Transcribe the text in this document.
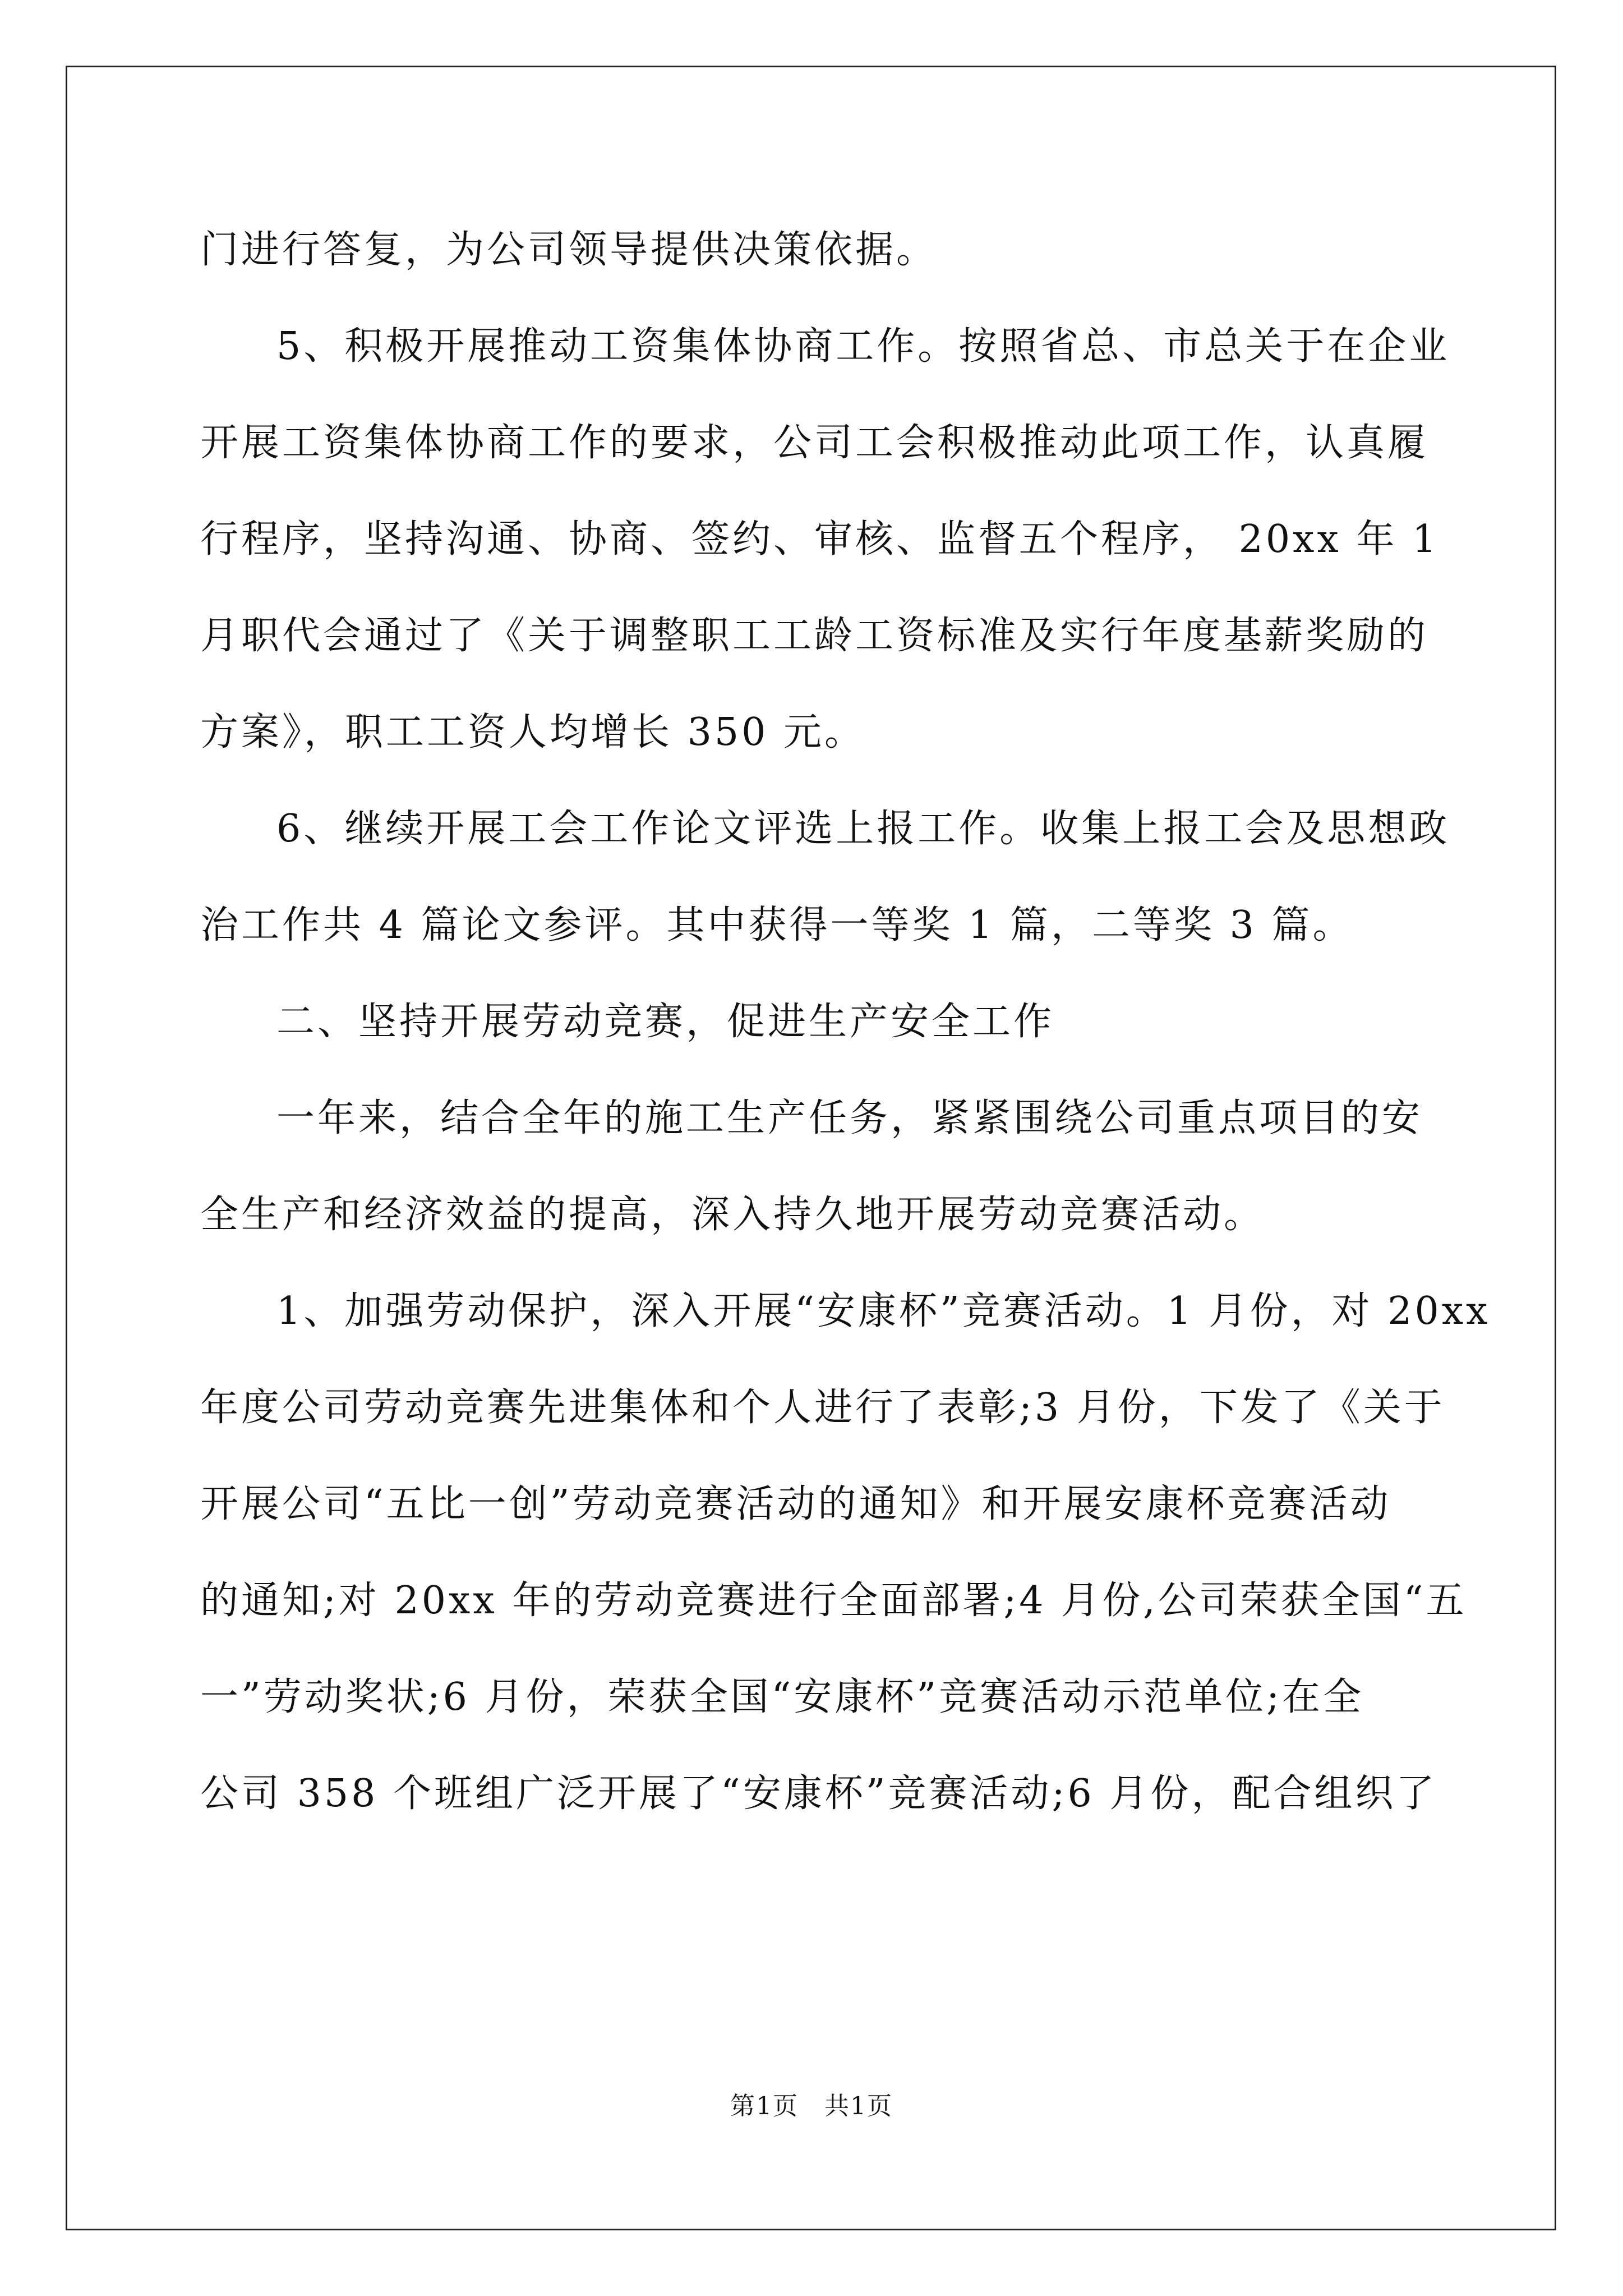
门进行答复，为公司领导提供决策依据。
5、积极开展推动工资集体协商工作。按照省总、市总关于在企业
开展工资集体协商工作的要求，公司工会积极推动此项工作，认真履
行程序，坚持沟通、协商、签约、审核、监督五个程序， 20xx 年 1
月职代会通过了《关于调整职工工龄工资标准及实行年度基薪奖励的
方案》，职工工资人均增长 350 元。
6、继续开展工会工作论文评选上报工作。收集上报工会及思想政
治工作共 4 篇论文参评。其中获得一等奖 1 篇，二等奖 3 篇。
二、坚持开展劳动竞赛，促进生产安全工作
一年来，结合全年的施工生产任务，紧紧围绕公司重点项目的安
全生产和经济效益的提高，深入持久地开展劳动竞赛活动。
1、加强劳动保护，深入开展“安康杯”竞赛活动。1 月份，对 20xx
年度公司劳动竞赛先进集体和个人进行了表彰;3 月份，下发了《关于
开展公司“五比一创”劳动竞赛活动的通知》和开展安康杯竞赛活动
的通知;对 20xx 年的劳动竞赛进行全面部署;4 月份,公司荣获全国“五
一”劳动奖状;6 月份，荣获全国“安康杯”竞赛活动示范单位;在全
公司 358 个班组广泛开展了“安康杯”竞赛活动;6 月份，配合组织了
第1页 共1页
